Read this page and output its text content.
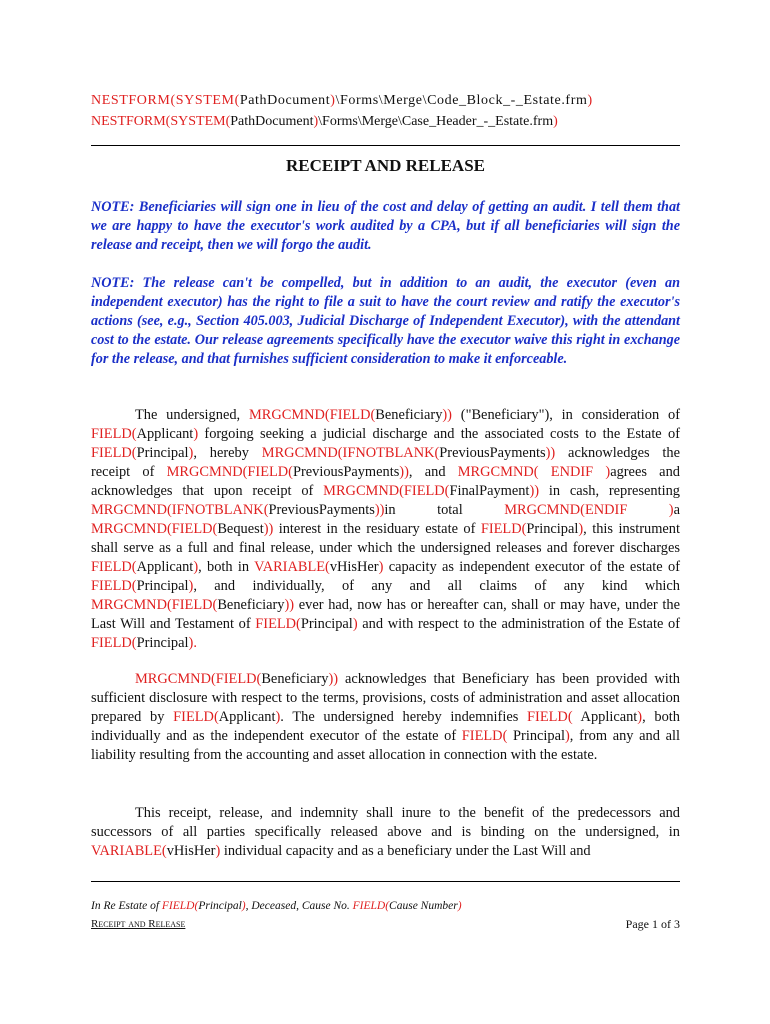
NESTFORM(SYSTEM(PathDocument)\Forms\Merge\Code_Block_-_Estate.frm)
NESTFORM(SYSTEM(PathDocument)\Forms\Merge\Case_Header_-_Estate.frm)
RECEIPT AND RELEASE
NOTE: Beneficiaries will sign one in lieu of the cost and delay of getting an audit. I tell them that we are happy to have the executor's work audited by a CPA, but if all beneficiaries will sign the release and receipt, then we will forgo the audit.
NOTE: The release can't be compelled, but in addition to an audit, the executor (even an independent executor) has the right to file a suit to have the court review and ratify the executor's actions (see, e.g., Section 405.003, Judicial Discharge of Independent Executor), with the attendant cost to the estate. Our release agreements specifically have the executor waive this right in exchange for the release, and that furnishes sufficient consideration to make it enforceable.
The undersigned, MRGCMND(FIELD(Beneficiary)) ("Beneficiary"), in consideration of FIELD(Applicant) forgoing seeking a judicial discharge and the associated costs to the Estate of FIELD(Principal), hereby MRGCMND(IFNOTBLANK(PreviousPayments)) acknowledges the receipt of MRGCMND(FIELD(PreviousPayments)), and MRGCMND( ENDIF )agrees and acknowledges that upon receipt of MRGCMND(FIELD(FinalPayment)) in cash, representing MRGCMND(IFNOTBLANK(PreviousPayments))in total MRGCMND(ENDIF )a MRGCMND(FIELD(Bequest)) interest in the residuary estate of FIELD(Principal), this instrument shall serve as a full and final release, under which the undersigned releases and forever discharges FIELD(Applicant), both in VARIABLE(vHisHer) capacity as independent executor of the estate of FIELD(Principal), and individually, of any and all claims of any kind which MRGCMND(FIELD(Beneficiary)) ever had, now has or hereafter can, shall or may have, under the Last Will and Testament of FIELD(Principal) and with respect to the administration of the Estate of FIELD(Principal).
MRGCMND(FIELD(Beneficiary)) acknowledges that Beneficiary has been provided with sufficient disclosure with respect to the terms, provisions, costs of administration and asset allocation prepared by FIELD(Applicant). The undersigned hereby indemnifies FIELD( Applicant), both individually and as the independent executor of the estate of FIELD( Principal), from any and all liability resulting from the accounting and asset allocation in connection with the estate.
This receipt, release, and indemnity shall inure to the benefit of the predecessors and successors of all parties specifically released above and is binding on the undersigned, in VARIABLE(vHisHer) individual capacity and as a beneficiary under the Last Will and
In Re Estate of FIELD(Principal), Deceased, Cause No. FIELD(Cause Number)
Receipt and Release	Page 1 of 3
